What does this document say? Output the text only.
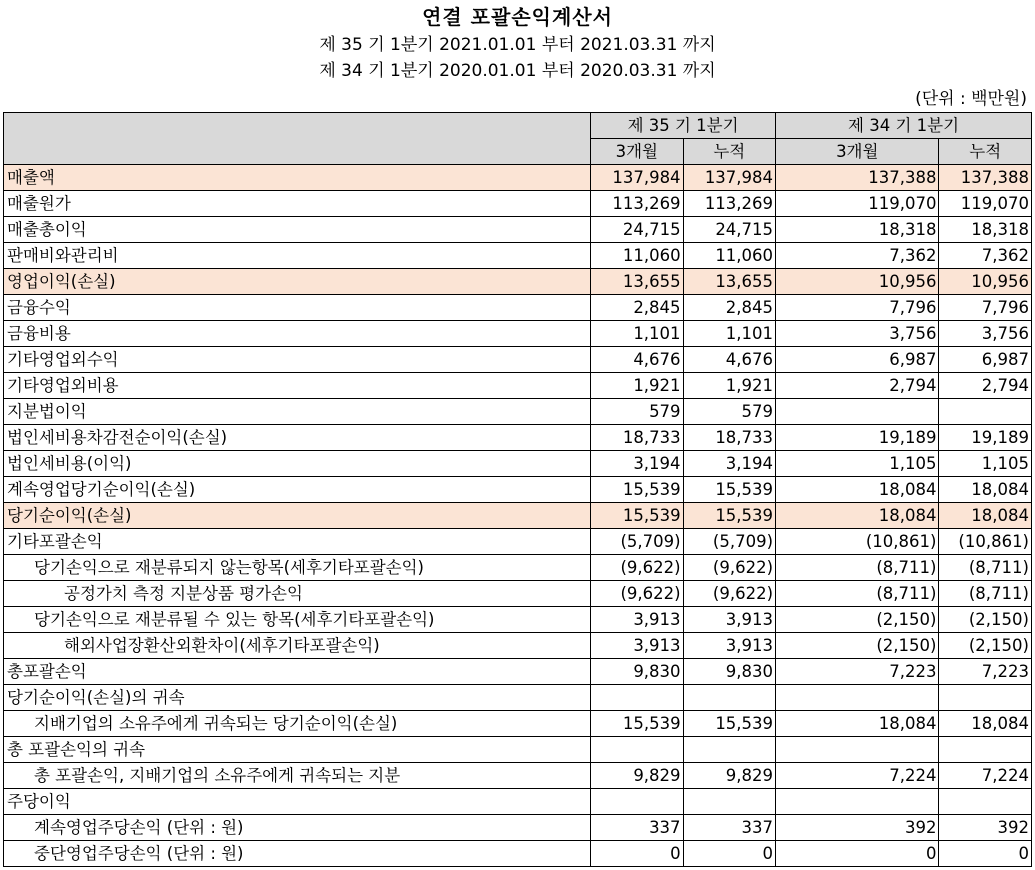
연결 포괄손익계산서
제 35 기 1분기 2021.01.01 부터 2021.03.31 까지
제 34 기 1분기 2020.01.01 부터 2020.03.31 까지
(단위 : 백만원)
	제 35 기 1분기		제 34 기 1분기	
	3개월	누적	3개월	누적
매출액	137,984	137,984	137,388	137,388
매출원가	113,269	113,269	119,070	119,070
매출총이익	24,715	24,715	18,318	18,318
판매비와관리비	11,060	11,060	7,362	7,362
영업이익(손실)	13,655	13,655	10,956	10,956
금융수익	2,845	2,845	7,796	7,796
금융비용	1,101	1,101	3,756	3,756
기타영업외수익	4,676	4,676	6,987	6,987
기타영업외비용	1,921	1,921	2,794	2,794
지분법이익	579	579		
법인세비용차감전순이익(손실)	18,733	18,733	19,189	19,189
법인세비용(이익)	3,194	3,194	1,105	1,105
계속영업당기순이익(손실)	15,539	15,539	18,084	18,084
당기순이익(손실)	15,539	15,539	18,084	18,084
기타포괄손익	(5,709)	(5,709)	(10,861)	(10,861)
당기손익으로 재분류되지 않는항목(세후기타포괄손익)	(9,622)	(9,622)	(8,711)	(8,711)
공정가치 측정 지분상품 평가손익	(9,622)	(9,622)	(8,711)	(8,711)
당기손익으로 재분류될 수 있는 항목(세후기타포괄손익)	3,913	3,913	(2,150)	(2,150)
해외사업장환산외환차이(세후기타포괄손익)	3,913	3,913	(2,150)	(2,150)
총포괄손익	9,830	9,830	7,223	7,223
당기순이익(손실)의 귀속				
지배기업의 소유주에게 귀속되는 당기순이익(손실)	15,539	15,539	18,084	18,084
총 포괄손익의 귀속				
총 포괄손익, 지배기업의 소유주에게 귀속되는 지분	9,829	9,829	7,224	7,224
주당이익				
계속영업주당손익 (단위 : 원)	337	337	392	392
중단영업주당손익 (단위 : 원)	0	0	0	0
